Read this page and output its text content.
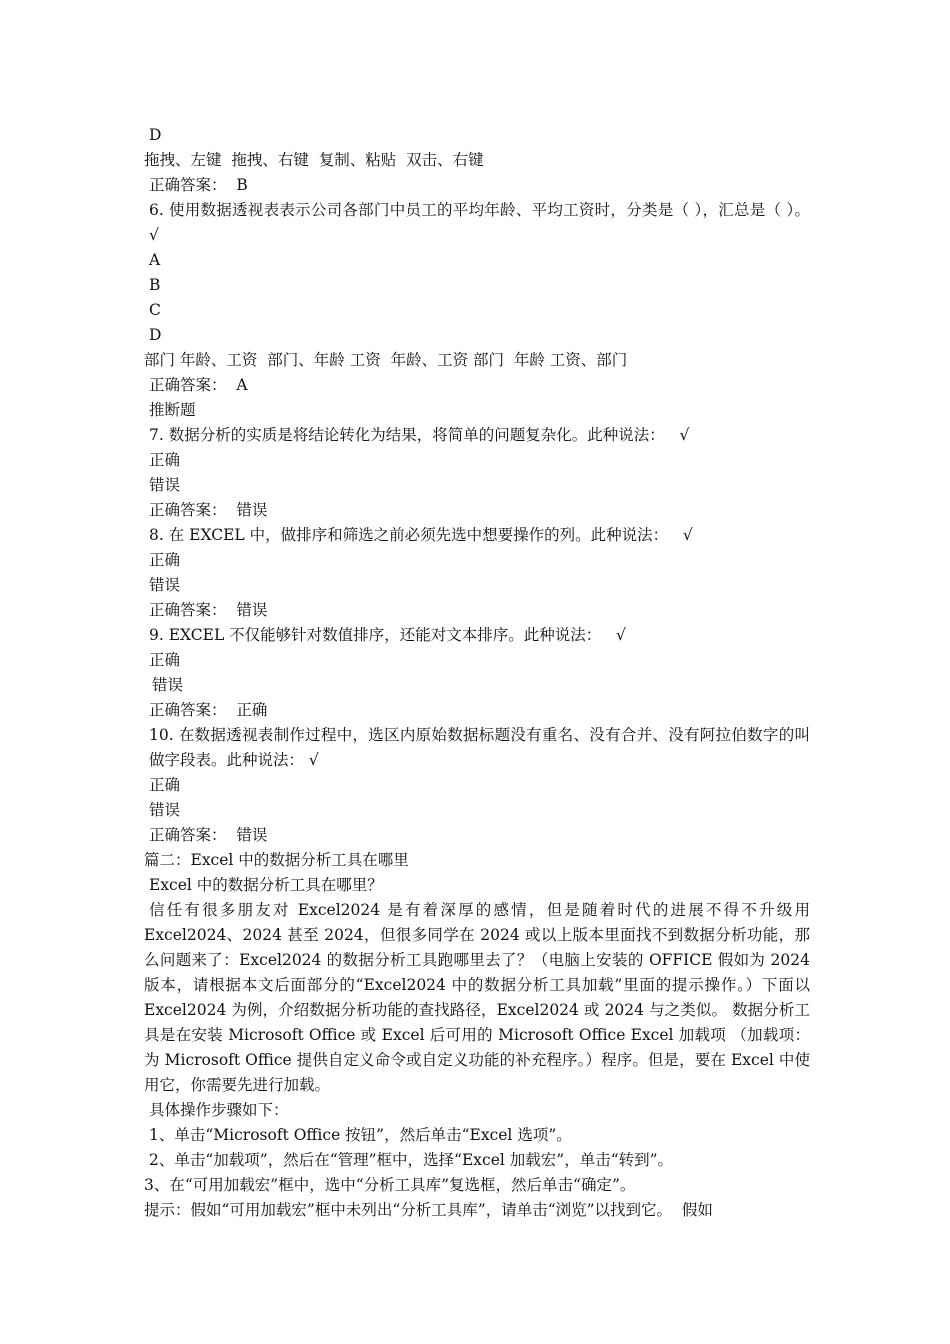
D
拖拽、左键  拖拽、右键  复制、粘贴  双击、右键
正确答案：  B
6. 使用数据透视表表示公司各部门中员工的平均年龄、平均工资时，分类是（ ），汇总是（ ）。 √
A
B
C
D
部门 年龄、工资  部门、年龄 工资  年龄、工资 部门  年龄 工资、部门
正确答案：  A
推断题
7. 数据分析的实质是将结论转化为结果，将简单的问题复杂化。此种说法：   √
正确
错误
正确答案：  错误
8. 在 EXCEL 中，做排序和筛选之前必须先选中想要操作的列。此种说法：   √
正确
错误
正确答案：  错误
9. EXCEL 不仅能够针对数值排序，还能对文本排序。此种说法：   √
正确
错误
正确答案：  正确
10. 在数据透视表制作过程中，选区内原始数据标题没有重名、没有合并、没有阿拉伯数字的叫做字段表。此种说法： √
正确
错误
正确答案：  错误
篇二：Excel 中的数据分析工具在哪里
Excel 中的数据分析工具在哪里？
信任有很多朋友对 Excel2024 是有着深厚的感情，但是随着时代的进展不得不升级用 Excel2024、2024 甚至 2024，但很多同学在 2024 或以上版本里面找不到数据分析功能，那么问题来了：Excel2024 的数据分析工具跑哪里去了？（电脑上安装的 OFFICE 假如为 2024 版本，请根据本文后面部分的“Excel2024 中的数据分析工具加载”里面的提示操作。）下面以 Excel2024 为例，介绍数据分析功能的查找路径，Excel2024 或 2024 与之类似。 数据分析工具是在安装 Microsoft Office 或 Excel 后可用的 Microsoft Office Excel 加载项 （加载项：为 Microsoft Office 提供自定义命令或自定义功能的补充程序。）程序。但是，要在 Excel 中使用它，你需要先进行加载。
具体操作步骤如下：
1、单击“Microsoft Office 按钮”，然后单击“Excel 选项”。
2、单击“加载项”，然后在“管理”框中，选择“Excel 加载宏”，单击“转到”。
3、在“可用加载宏”框中，选中“分析工具库”复选框，然后单击“确定”。
提示：假如“可用加载宏”框中未列出“分析工具库”，请单击“浏览”以找到它。  假如
